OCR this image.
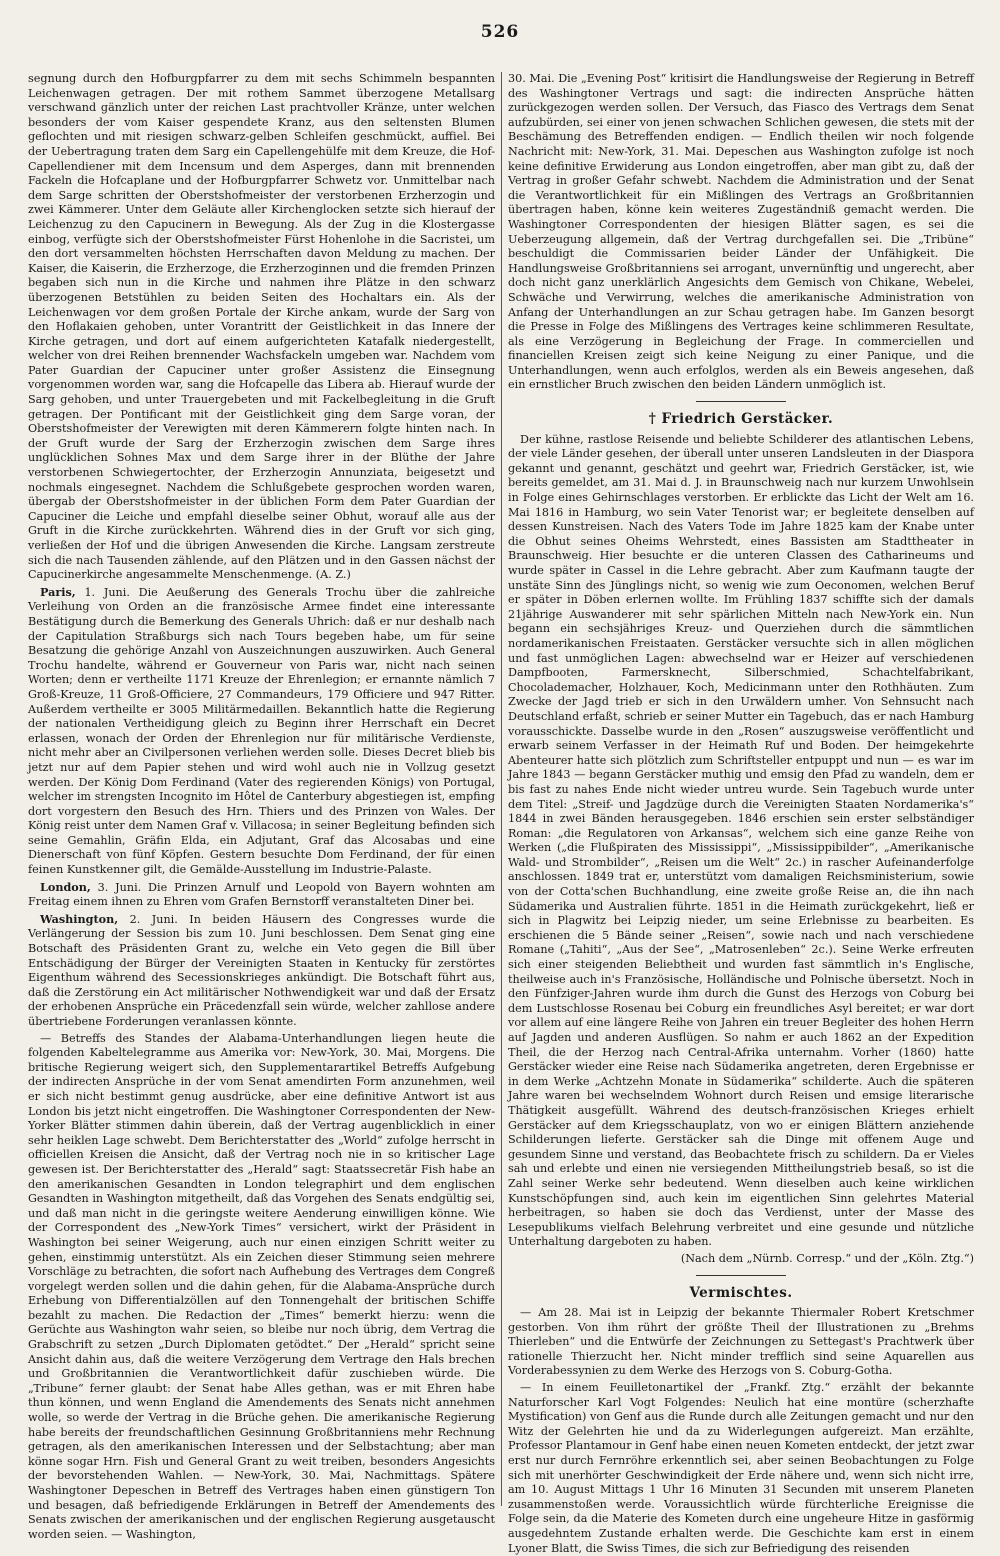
526

segnung durch den Hofburgpfarrer zu dem mit sechs Schimmeln bespannten Leichenwagen getragen. Der mit rothem Sammet überzogene Metallsarg verschwand gänzlich unter der reichen Last prachtvoller Kränze, unter welchen besonders der vom Kaiser gespendete Kranz, aus den seltensten Blumen geflochten und mit riesigen schwarz-gelben Schleifen geschmückt, auffiel. Bei der Uebertragung traten dem Sarg ein Capellengehülfe mit dem Kreuze, die Hof-Capellendiener mit dem Incensum und dem Asperges, dann mit brennenden Fackeln die Hofcaplane und der Hofburgpfarrer Schwetz vor. Unmittelbar nach dem Sarge schritten der Oberstshofmeister der verstorbenen Erzherzogin und zwei Kämmerer. Unter dem Geläute aller Kirchenglocken setzte sich hierauf der Leichenzug zu den Capucinern in Bewegung. Als der Zug in die Klostergasse einbog, verfügte sich der Oberstshofmeister Fürst Hohenlohe in die Sacristei, um den dort versammelten höchsten Herrschaften davon Meldung zu machen. Der Kaiser, die Kaiserin, die Erzherzoge, die Erzherzoginnen und die fremden Prinzen begaben sich nun in die Kirche und nahmen ihre Plätze in den schwarz überzogenen Betstühlen zu beiden Seiten des Hochaltars ein. Als der Leichenwagen vor dem großen Portale der Kirche ankam, wurde der Sarg von den Hoflakaien gehoben, unter Vorantritt der Geistlichkeit in das Innere der Kirche getragen, und dort auf einem aufgerichteten Katafalk niedergestellt, welcher von drei Reihen brennender Wachsfackeln umgeben war. Nachdem vom Pater Guardian der Capuciner unter großer Assistenz die Einsegnung vorgenommen worden war, sang die Hofcapelle das Libera ab. Hierauf wurde der Sarg gehoben, und unter Trauergebeten und mit Fackelbegleitung in die Gruft getragen. Der Pontificant mit der Geistlichkeit ging dem Sarge voran, der Oberstshofmeister der Verewigten mit deren Kämmerern folgte hinten nach. In der Gruft wurde der Sarg der Erzherzogin zwischen dem Sarge ihres unglücklichen Sohnes Max und dem Sarge ihrer in der Blüthe der Jahre verstorbenen Schwiegertochter, der Erzherzogin Annunziata, beigesetzt und nochmals eingesegnet. Nachdem die Schlußgebete gesprochen worden waren, übergab der Oberstshofmeister in der üblichen Form dem Pater Guardian der Capuciner die Leiche und empfahl dieselbe seiner Obhut, worauf alle aus der Gruft in die Kirche zurückkehrten. Während dies in der Gruft vor sich ging, verließen der Hof und die übrigen Anwesenden die Kirche. Langsam zerstreute sich die nach Tausenden zählende, auf den Plätzen und in den Gassen nächst der Capucinerkirche angesammelte Menschenmenge. (A. Z.)

Paris, 1. Juni. Die Aeußerung des Generals Trochu über die zahlreiche Verleihung von Orden an die französische Armee findet eine interessante Bestätigung durch die Bemerkung des Generals Uhrich: daß er nur deshalb nach der Capitulation Straßburgs sich nach Tours begeben habe, um für seine Besatzung die gehörige Anzahl von Auszeichnungen auszuwirken. Auch General Trochu handelte, während er Gouverneur von Paris war, nicht nach seinen Worten; denn er vertheilte 1171 Kreuze der Ehrenlegion; er ernannte nämlich 7 Groß-Kreuze, 11 Groß-Officiere, 27 Commandeurs, 179 Officiere und 947 Ritter. Außerdem vertheilte er 3005 Militärmedaillen. Bekanntlich hatte die Regierung der nationalen Vertheidigung gleich zu Beginn ihrer Herrschaft ein Decret erlassen, wonach der Orden der Ehrenlegion nur für militärische Verdienste, nicht mehr aber an Civilpersonen verliehen werden solle. Dieses Decret blieb bis jetzt nur auf dem Papier stehen und wird wohl auch nie in Vollzug gesetzt werden. Der König Dom Ferdinand (Vater des regierenden Königs) von Portugal, welcher im strengsten Incognito im Hôtel de Canterbury abgestiegen ist, empfing dort vorgestern den Besuch des Hrn. Thiers und des Prinzen von Wales. Der König reist unter dem Namen Graf v. Villacosa; in seiner Begleitung befinden sich seine Gemahlin, Gräfin Elda, ein Adjutant, Graf das Alcosabas und eine Dienerschaft von fünf Köpfen. Gestern besuchte Dom Ferdinand, der für einen feinen Kunstkenner gilt, die Gemälde-Ausstellung im Industrie-Palaste.

London, 3. Juni. Die Prinzen Arnulf und Leopold von Bayern wohnten am Freitag einem ihnen zu Ehren vom Grafen Bernstorff veranstalteten Diner bei.

Washington, 2. Juni. In beiden Häusern des Congresses wurde die Verlängerung der Session bis zum 10. Juni beschlossen. Dem Senat ging eine Botschaft des Präsidenten Grant zu, welche ein Veto gegen die Bill über Entschädigung der Bürger der Vereinigten Staaten in Kentucky für zerstörtes Eigenthum während des Secessionskrieges ankündigt. Die Botschaft führt aus, daß die Zerstörung ein Act militärischer Nothwendigkeit war und daß der Ersatz der erhobenen Ansprüche ein Präcedenzfall sein würde, welcher zahllose andere übertriebene Forderungen veranlassen könnte.

— Betreffs des Standes der Alabama-Unterhandlungen liegen heute die folgenden Kabeltelegramme aus Amerika vor: New-York, 30. Mai, Morgens. Die britische Regierung weigert sich, den Supplementarartikel Betreffs Aufgebung der indirecten Ansprüche in der vom Senat amendirten Form anzunehmen, weil er sich nicht bestimmt genug ausdrücke, aber eine definitive Antwort ist aus London bis jetzt nicht eingetroffen. Die Washingtoner Correspondenten der New-Yorker Blätter stimmen dahin überein, daß der Vertrag augenblicklich in einer sehr heiklen Lage schwebt. Dem Berichterstatter des „World“ zufolge herrscht in officiellen Kreisen die Ansicht, daß der Vertrag noch nie in so kritischer Lage gewesen ist. Der Berichterstatter des „Herald“ sagt: Staatssecretär Fish habe an den amerikanischen Gesandten in London telegraphirt und dem englischen Gesandten in Washington mitgetheilt, daß das Vorgehen des Senats endgültig sei, und daß man nicht in die geringste weitere Aenderung einwilligen könne. Wie der Correspondent des „New-York Times“ versichert, wirkt der Präsident in Washington bei seiner Weigerung, auch nur einen einzigen Schritt weiter zu gehen, einstimmig unterstützt. Als ein Zeichen dieser Stimmung seien mehrere Vorschläge zu betrachten, die sofort nach Aufhebung des Vertrages dem Congreß vorgelegt werden sollen und die dahin gehen, für die Alabama-Ansprüche durch Erhebung von Differentialzöllen auf den Tonnengehalt der britischen Schiffe bezahlt zu machen. Die Redaction der „Times“ bemerkt hierzu: wenn die Gerüchte aus Washington wahr seien, so bleibe nur noch übrig, dem Vertrag die Grabschrift zu setzen „Durch Diplomaten getödtet.“ Der „Herald“ spricht seine Ansicht dahin aus, daß die weitere Verzögerung dem Vertrage den Hals brechen und Großbritannien die Verantwortlichkeit dafür zuschieben würde. Die „Tribune“ ferner glaubt: der Senat habe Alles gethan, was er mit Ehren habe thun können, und wenn England die Amendements des Senats nicht annehmen wolle, so werde der Vertrag in die Brüche gehen. Die amerikanische Regierung habe bereits der freundschaftlichen Gesinnung Großbritanniens mehr Rechnung getragen, als den amerikanischen Interessen und der Selbstachtung; aber man könne sogar Hrn. Fish und General Grant zu weit treiben, besonders Angesichts der bevorstehenden Wahlen. — New-York, 30. Mai, Nachmittags. Spätere Washingtoner Depeschen in Betreff des Vertrages haben einen günstigern Ton und besagen, daß befriedigende Erklärungen in Betreff der Amendements des Senats zwischen der amerikanischen und der englischen Regierung ausgetauscht worden seien. — Washington,

30. Mai. Die „Evening Post“ kritisirt die Handlungsweise der Regierung in Betreff des Washingtoner Vertrags und sagt: die indirecten Ansprüche hätten zurückgezogen werden sollen. Der Versuch, das Fiasco des Vertrags dem Senat aufzubürden, sei einer von jenen schwachen Schlichen gewesen, die stets mit der Beschämung des Betreffenden endigen. — Endlich theilen wir noch folgende Nachricht mit: New-York, 31. Mai. Depeschen aus Washington zufolge ist noch keine definitive Erwiderung aus London eingetroffen, aber man gibt zu, daß der Vertrag in großer Gefahr schwebt. Nachdem die Administration und der Senat die Verantwortlichkeit für ein Mißlingen des Vertrags an Großbritannien übertragen haben, könne kein weiteres Zugeständniß gemacht werden. Die Washingtoner Correspondenten der hiesigen Blätter sagen, es sei die Ueberzeugung allgemein, daß der Vertrag durchgefallen sei. Die „Tribüne“ beschuldigt die Commissarien beider Länder der Unfähigkeit. Die Handlungsweise Großbritanniens sei arrogant, unvernünftig und ungerecht, aber doch nicht ganz unerklärlich Angesichts dem Gemisch von Chikane, Webelei, Schwäche und Verwirrung, welches die amerikanische Administration von Anfang der Unterhandlungen an zur Schau getragen habe. Im Ganzen besorgt die Presse in Folge des Mißlingens des Vertrages keine schlimmeren Resultate, als eine Verzögerung in Begleichung der Frage. In commerciellen und financiellen Kreisen zeigt sich keine Neigung zu einer Panique, und die Unterhandlungen, wenn auch erfolglos, werden als ein Beweis angesehen, daß ein ernstlicher Bruch zwischen den beiden Ländern unmöglich ist.

† Friedrich Gerstäcker.

Der kühne, rastlose Reisende und beliebte Schilderer des atlantischen Lebens, der viele Länder gesehen, der überall unter unseren Landsleuten in der Diaspora gekannt und genannt, geschätzt und geehrt war, Friedrich Gerstäcker, ist, wie bereits gemeldet, am 31. Mai d. J. in Braunschweig nach nur kurzem Unwohlsein in Folge eines Gehirnschlages verstorben. Er erblickte das Licht der Welt am 16. Mai 1816 in Hamburg, wo sein Vater Tenorist war; er begleitete denselben auf dessen Kunstreisen. Nach des Vaters Tode im Jahre 1825 kam der Knabe unter die Obhut seines Oheims Wehrstedt, eines Bassisten am Stadttheater in Braunschweig. Hier besuchte er die unteren Classen des Catharineums und wurde später in Cassel in die Lehre gebracht. Aber zum Kaufmann taugte der unstäte Sinn des Jünglings nicht, so wenig wie zum Oeconomen, welchen Beruf er später in Döben erlernen wollte. Im Frühling 1837 schiffte sich der damals 21jährige Auswanderer mit sehr spärlichen Mitteln nach New-York ein. Nun begann ein sechsjähriges Kreuz- und Querziehen durch die sämmtlichen nordamerikanischen Freistaaten. Gerstäcker versuchte sich in allen möglichen und fast unmöglichen Lagen: abwechselnd war er Heizer auf verschiedenen Dampfbooten, Farmersknecht, Silberschmied, Schachtelfabrikant, Chocolademacher, Holzhauer, Koch, Medicinmann unter den Rothhäuten. Zum Zwecke der Jagd trieb er sich in den Urwäldern umher. Von Sehnsucht nach Deutschland erfaßt, schrieb er seiner Mutter ein Tagebuch, das er nach Hamburg vorausschickte. Dasselbe wurde in den „Rosen“ auszugsweise veröffentlicht und erwarb seinem Verfasser in der Heimath Ruf und Boden. Der heimgekehrte Abenteurer hatte sich plötzlich zum Schriftsteller entpuppt und nun — es war im Jahre 1843 — begann Gerstäcker muthig und emsig den Pfad zu wandeln, dem er bis fast zu nahes Ende nicht wieder untreu wurde. Sein Tagebuch wurde unter dem Titel: „Streif- und Jagdzüge durch die Vereinigten Staaten Nordamerika's“ 1844 in zwei Bänden herausgegeben. 1846 erschien sein erster selbständiger Roman: „die Regulatoren von Arkansas“, welchem sich eine ganze Reihe von Werken („die Flußpiraten des Mississippi“, „Mississippibilder“, „Amerikanische Wald- und Strombilder“, „Reisen um die Welt“ 2c.) in rascher Aufeinanderfolge anschlossen. 1849 trat er, unterstützt vom damaligen Reichsministerium, sowie von der Cotta'schen Buchhandlung, eine zweite große Reise an, die ihn nach Südamerika und Australien führte. 1851 in die Heimath zurückgekehrt, ließ er sich in Plagwitz bei Leipzig nieder, um seine Erlebnisse zu bearbeiten. Es erschienen die 5 Bände seiner „Reisen“, sowie nach und nach verschiedene Romane („Tahiti“, „Aus der See“, „Matrosenleben“ 2c.). Seine Werke erfreuten sich einer steigenden Beliebtheit und wurden fast sämmtlich in's Englische, theilweise auch in's Französische, Holländische und Polnische übersetzt. Noch in den Fünfziger-Jahren wurde ihm durch die Gunst des Herzogs von Coburg bei dem Lustschlosse Rosenau bei Coburg ein freundliches Asyl bereitet; er war dort vor allem auf eine längere Reihe von Jahren ein treuer Begleiter des hohen Herrn auf Jagden und anderen Ausflügen. So nahm er auch 1862 an der Expedition Theil, die der Herzog nach Central-Afrika unternahm. Vorher (1860) hatte Gerstäcker wieder eine Reise nach Südamerika angetreten, deren Ergebnisse er in dem Werke „Achtzehn Monate in Südamerika“ schilderte. Auch die späteren Jahre waren bei wechselndem Wohnort durch Reisen und emsige literarische Thätigkeit ausgefüllt. Während des deutsch-französischen Krieges erhielt Gerstäcker auf dem Kriegsschauplatz, von wo er einigen Blättern anziehende Schilderungen lieferte. Gerstäcker sah die Dinge mit offenem Auge und gesundem Sinne und verstand, das Beobachtete frisch zu schildern. Da er Vieles sah und erlebte und einen nie versiegenden Mittheilungstrieb besaß, so ist die Zahl seiner Werke sehr bedeutend. Wenn dieselben auch keine wirklichen Kunstschöpfungen sind, auch kein im eigentlichen Sinn gelehrtes Material herbeitragen, so haben sie doch das Verdienst, unter der Masse des Lesepublikums vielfach Belehrung verbreitet und eine gesunde und nützliche Unterhaltung dargeboten zu haben.

(Nach dem „Nürnb. Corresp.“ und der „Köln. Ztg.“)

Vermischtes.

— Am 28. Mai ist in Leipzig der bekannte Thiermaler Robert Kretschmer gestorben. Von ihm rührt der größte Theil der Illustrationen zu „Brehms Thierleben“ und die Entwürfe der Zeichnungen zu Settegast's Prachtwerk über rationelle Thierzucht her. Nicht minder trefflich sind seine Aquarellen aus Vorderabessynien zu dem Werke des Herzogs von S. Coburg-Gotha.

— In einem Feuilletonartikel der „Frankf. Ztg.“ erzählt der bekannte Naturforscher Karl Vogt Folgendes: Neulich hat eine montüre (scherzhafte Mystification) von Genf aus die Runde durch alle Zeitungen gemacht und nur den Witz der Gelehrten hie und da zu Widerlegungen aufgereizt. Man erzählte, Professor Plantamour in Genf habe einen neuen Kometen entdeckt, der jetzt zwar erst nur durch Fernröhre erkenntlich sei, aber seinen Beobachtungen zu Folge sich mit unerhörter Geschwindigkeit der Erde nähere und, wenn sich nicht irre, am 10. August Mittags 1 Uhr 16 Minuten 31 Secunden mit unserem Planeten zusammenstoßen werde. Voraussichtlich würde fürchterliche Ereignisse die Folge sein, da die Materie des Kometen durch eine ungeheure Hitze in gasförmig ausgedehntem Zustande erhalten werde. Die Geschichte kam erst in einem Lyoner Blatt, die Swiss Times, die sich zur Befriedigung des reisenden
